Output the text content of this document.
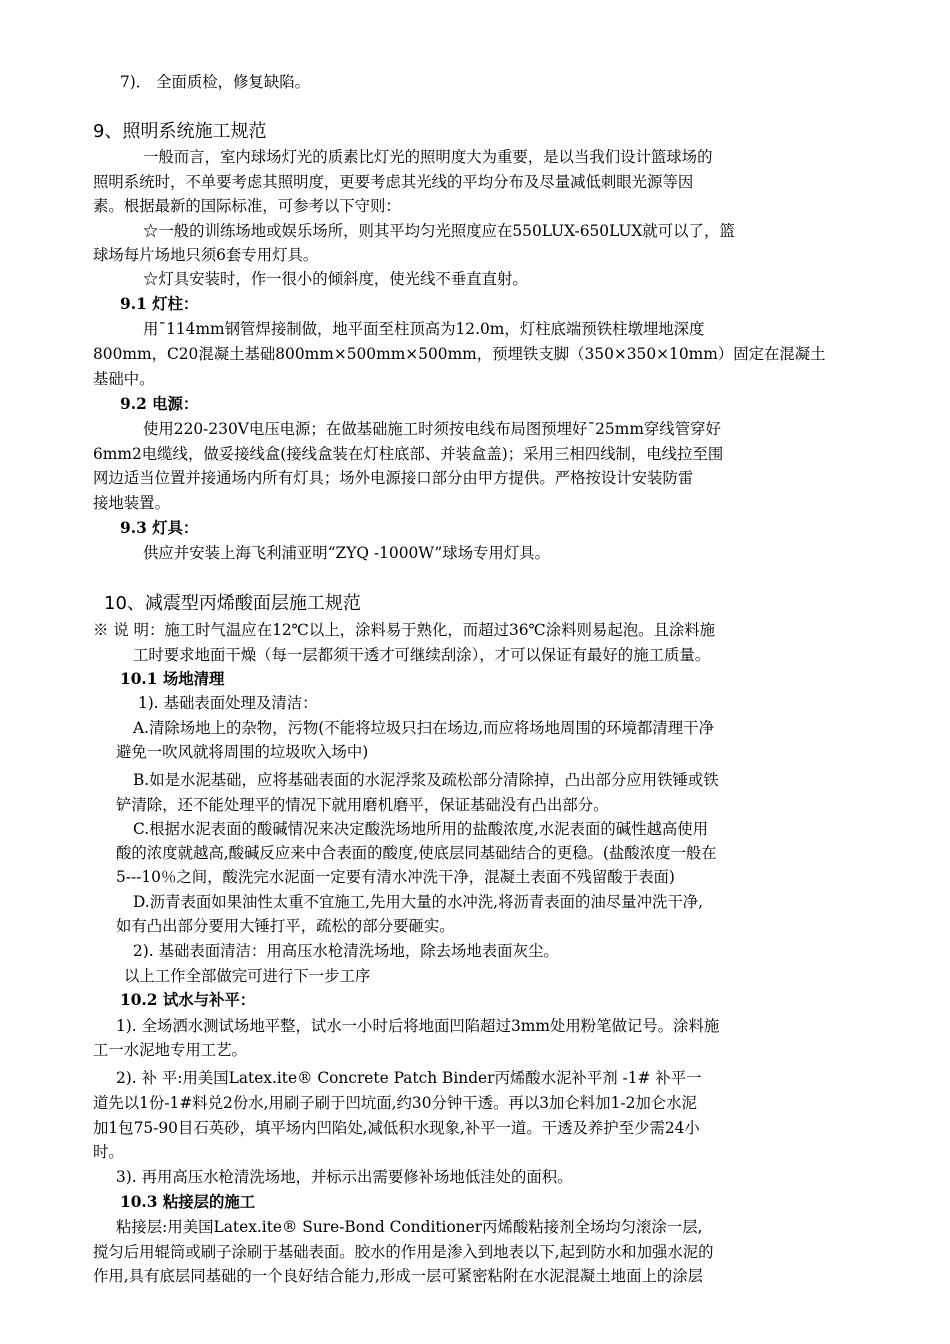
7)． 全面质检，修复缺陷。
9、照明系统施工规范
一般而言，室内球场灯光的质素比灯光的照明度大为重要，是以当我们设计篮球场的
照明系统时，不单要考虑其照明度，更要考虑其光线的平均分布及尽量减低刺眼光源等因
素。根据最新的国际标准，可参考以下守则：
☆一般的训练场地或娱乐场所，则其平均匀光照度应在550LUX-650LUX就可以了，篮
球场每片场地只须6套专用灯具。
☆灯具安装时，作一很小的倾斜度，使光线不垂直直射。
9.1 灯柱：
用¯114mm钢管焊接制做，地平面至柱顶高为12.0m，灯柱底端预铁柱墩埋地深度
800mm，C20混凝土基础800mm×500mm×500mm，预埋铁支脚（350×350×10mm）固定在混凝土
基础中。
9.2 电源：
使用220-230V电压电源；在做基础施工时须按电线布局图预埋好¯25mm穿线管穿好
6mm2电缆线，做妥接线盒(接线盒装在灯柱底部、并装盒盖)；采用三相四线制，电线拉至围
网边适当位置并接通场内所有灯具；场外电源接口部分由甲方提供。严格按设计安装防雷
接地装置。
9.3 灯具：
供应并安装上海飞利浦亚明“ZYQ -1000W”球场专用灯具。
10、减震型丙烯酸面层施工规范
※ 说 明：施工时气温应在12℃以上，涂料易于熟化，而超过36℃涂料则易起泡。且涂料施
工时要求地面干燥（每一层都须干透才可继续刮涂），才可以保证有最好的施工质量。
10.1 场地清理
1). 基础表面处理及清洁：
A.清除场地上的杂物，污物(不能将垃圾只扫在场边,而应将场地周围的环境都清理干净
避免一吹风就将周围的垃圾吹入场中)
B.如是水泥基础，应将基础表面的水泥浮浆及疏松部分清除掉，凸出部分应用铁锤或铁
铲清除，还不能处理平的情况下就用磨机磨平，保证基础没有凸出部分。
C.根据水泥表面的酸碱情况来决定酸洗场地所用的盐酸浓度,水泥表面的碱性越高使用
酸的浓度就越高,酸碱反应来中合表面的酸度,使底层同基础结合的更稳。(盐酸浓度一般在
5---10％之间，酸洗完水泥面一定要有清水冲洗干净，混凝土表面不残留酸于表面)
D.沥青表面如果油性太重不宜施工,先用大量的水冲洗,将沥青表面的油尽量冲洗干净,
如有凸出部分要用大锤打平，疏松的部分要砸实。
2). 基础表面清洁：用高压水枪清洗场地，除去场地表面灰尘。
以上工作全部做完可进行下一步工序
10.2 试水与补平：
1). 全场洒水测试场地平整，试水一小时后将地面凹陷超过3mm处用粉笔做记号。涂料施
工一水泥地专用工艺。
2). 补 平:用美国Latex.ite® Concrete Patch Binder丙烯酸水泥补平剂 -1# 补平一
道先以1份-1#料兑2份水,用刷子刷于凹坑面,约30分钟干透。再以3加仑料加1-2加仑水泥
加1包75-90目石英砂，填平场内凹陷处,减低积水现象,补平一道。干透及养护至少需24小
时。
3). 再用高压水枪清洗场地，并标示出需要修补场地低洼处的面积。
10.3 粘接层的施工
粘接层:用美国Latex.ite® Sure-Bond Conditioner丙烯酸粘接剂全场均匀滚涂一层,
搅匀后用辊筒或刷子涂刷于基础表面。胶水的作用是渗入到地表以下,起到防水和加强水泥的
作用,具有底层同基础的一个良好结合能力,形成一层可紧密粘附在水泥混凝土地面上的涂层
